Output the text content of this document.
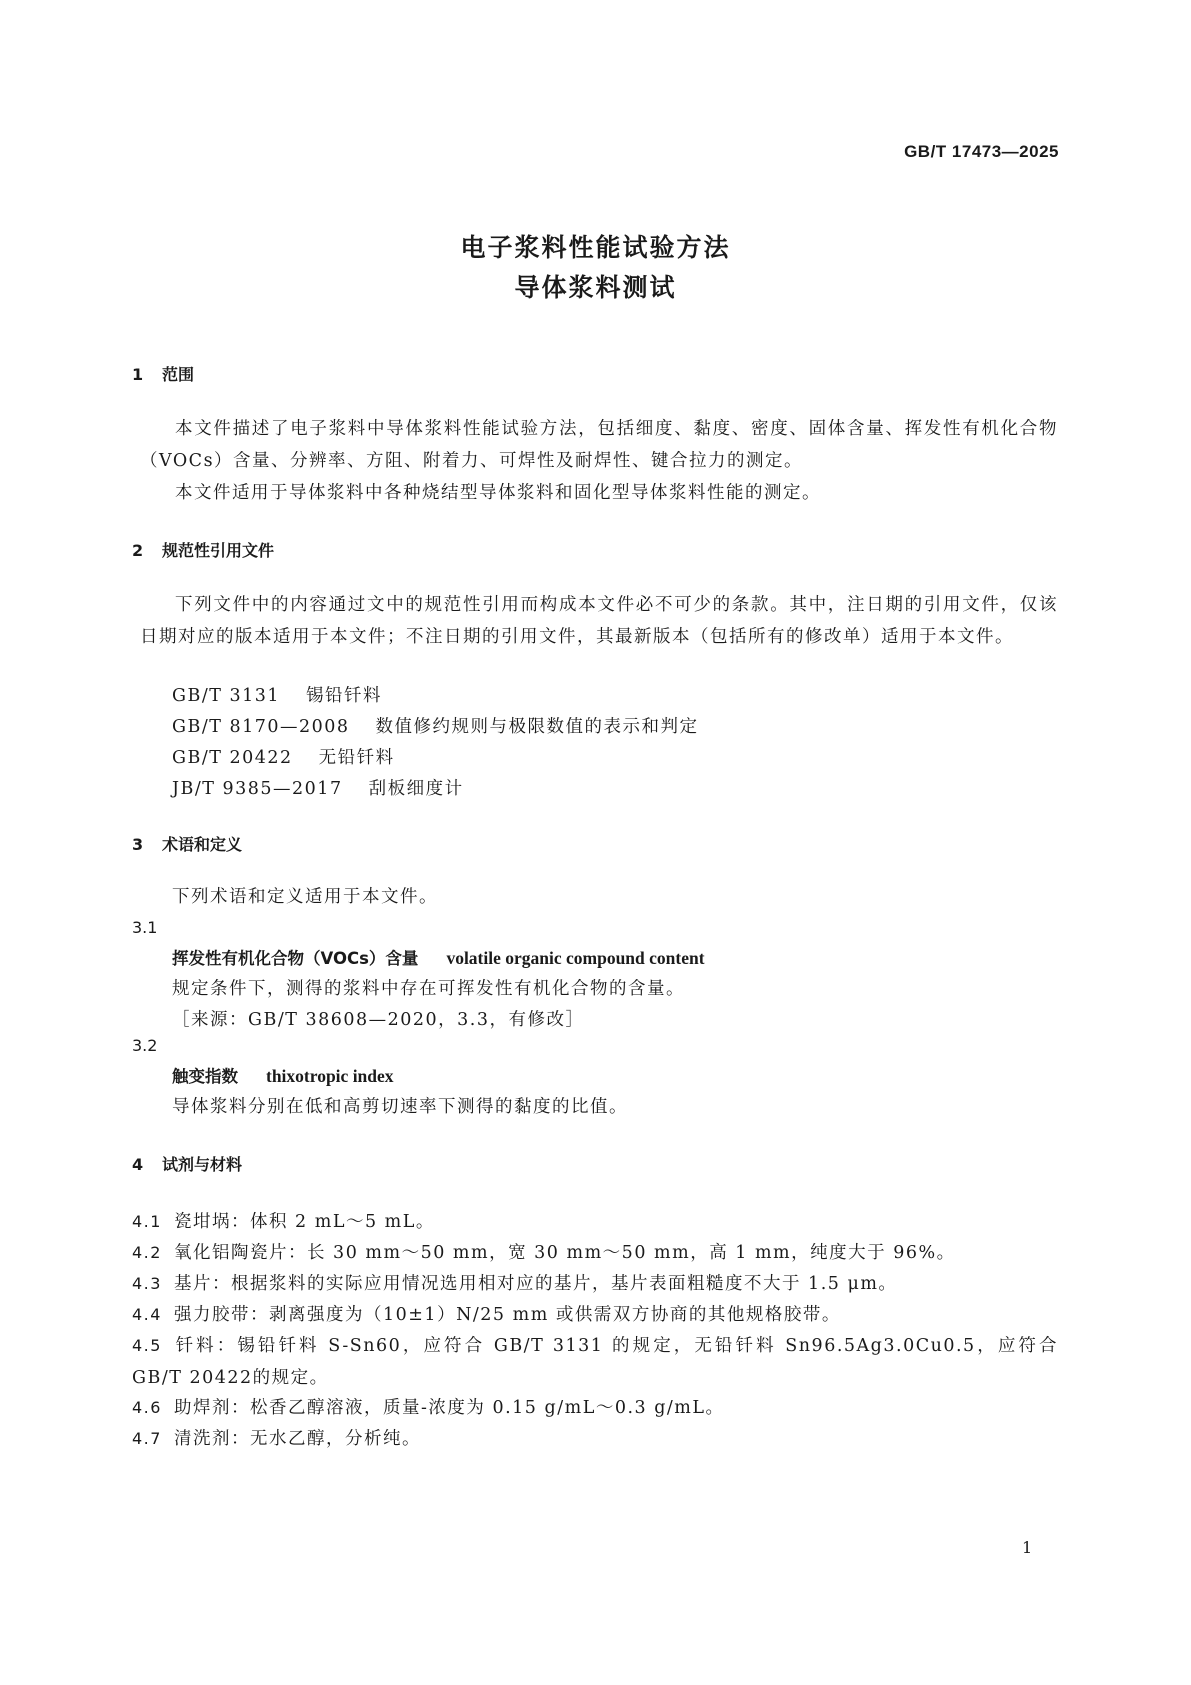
GB/T 17473—2025
电子浆料性能试验方法
导体浆料测试
1 范围
本文件描述了电子浆料中导体浆料性能试验方法，包括细度、黏度、密度、固体含量、挥发性有机化合物（VOCs）含量、分辨率、方阻、附着力、可焊性及耐焊性、键合拉力的测定。
本文件适用于导体浆料中各种烧结型导体浆料和固化型导体浆料性能的测定。
2 规范性引用文件
下列文件中的内容通过文中的规范性引用而构成本文件必不可少的条款。其中，注日期的引用文件，仅该日期对应的版本适用于本文件；不注日期的引用文件，其最新版本（包括所有的修改单）适用于本文件。
GB/T 3131 锡铅钎料
GB/T 8170—2008 数值修约规则与极限数值的表示和判定
GB/T 20422 无铅钎料
JB/T 9385—2017 刮板细度计
3 术语和定义
下列术语和定义适用于本文件。
3.1
挥发性有机化合物（VOCs）含量 volatile organic compound content
规定条件下，测得的浆料中存在可挥发性有机化合物的含量。
［来源：GB/T 38608—2020，3.3，有修改］
3.2
触变指数 thixotropic index
导体浆料分别在低和高剪切速率下测得的黏度的比值。
4 试剂与材料
4.1 瓷坩埚：体积 2 mL～5 mL。
4.2 氧化铝陶瓷片：长 30 mm～50 mm，宽 30 mm～50 mm，高 1 mm，纯度大于 96%。
4.3 基片：根据浆料的实际应用情况选用相对应的基片，基片表面粗糙度不大于 1.5 μm。
4.4 强力胶带：剥离强度为（10±1）N/25 mm 或供需双方协商的其他规格胶带。
4.5 钎料：锡铅钎料 S-Sn60，应符合 GB/T 3131 的规定，无铅钎料 Sn96.5Ag3.0Cu0.5，应符合 GB/T 20422的规定。
4.6 助焊剂：松香乙醇溶液，质量-浓度为 0.15 g/mL～0.3 g/mL。
4.7 清洗剂：无水乙醇，分析纯。
1
